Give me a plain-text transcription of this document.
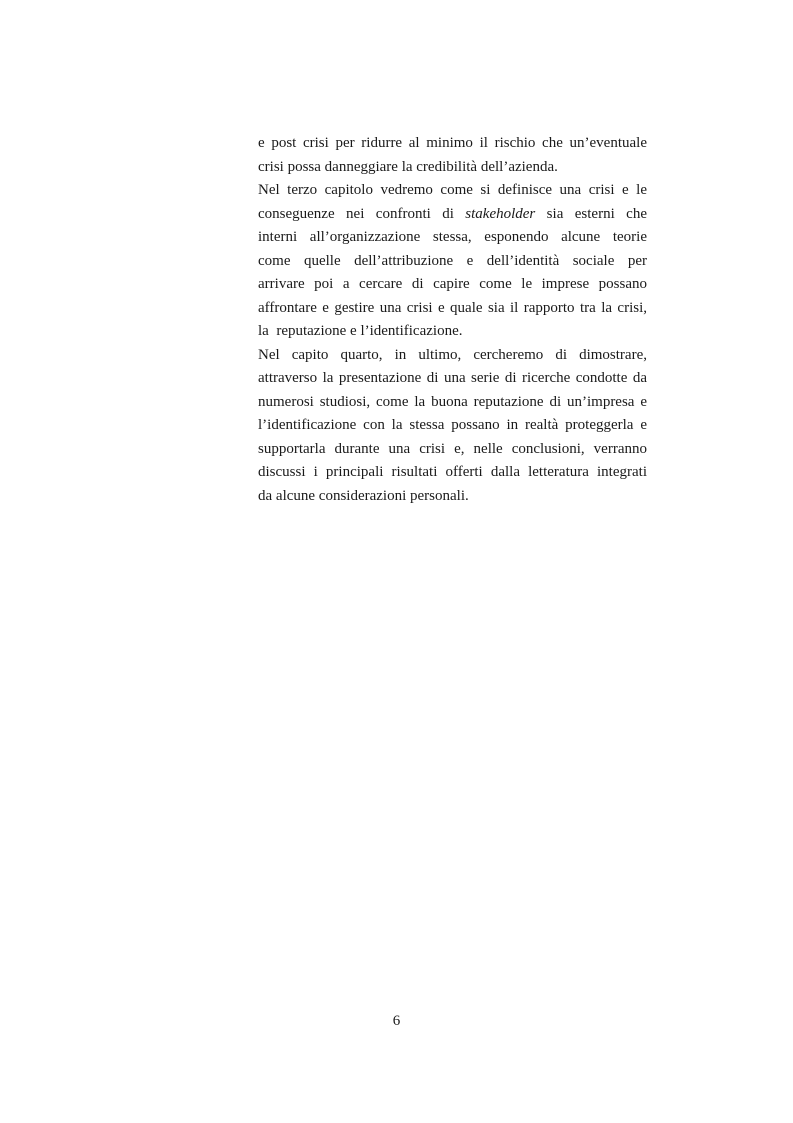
e post crisi per ridurre al minimo il rischio che un’eventuale
crisi possa danneggiare la credibilità dell’azienda.
Nel terzo capitolo vedremo come si definisce una crisi e le
conseguenze nei confronti di stakeholder sia esterni che
interni all’organizzazione stessa, esponendo alcune teorie
come quelle dell’attribuzione e dell’identità sociale per
arrivare poi a cercare di capire come le imprese possano
affrontare e gestire una crisi e quale sia il rapporto tra la crisi,
la  reputazione e l’identificazione.
Nel capito quarto, in ultimo, cercheremo di dimostrare,
attraverso la presentazione di una serie di ricerche condotte da
numerosi studiosi, come la buona reputazione di un’impresa e
l’identificazione con la stessa possano in realtà proteggerla e
supportarla durante una crisi e, nelle conclusioni, verranno
discussi i principali risultati offerti dalla letteratura integrati
da alcune considerazioni personali.
6
